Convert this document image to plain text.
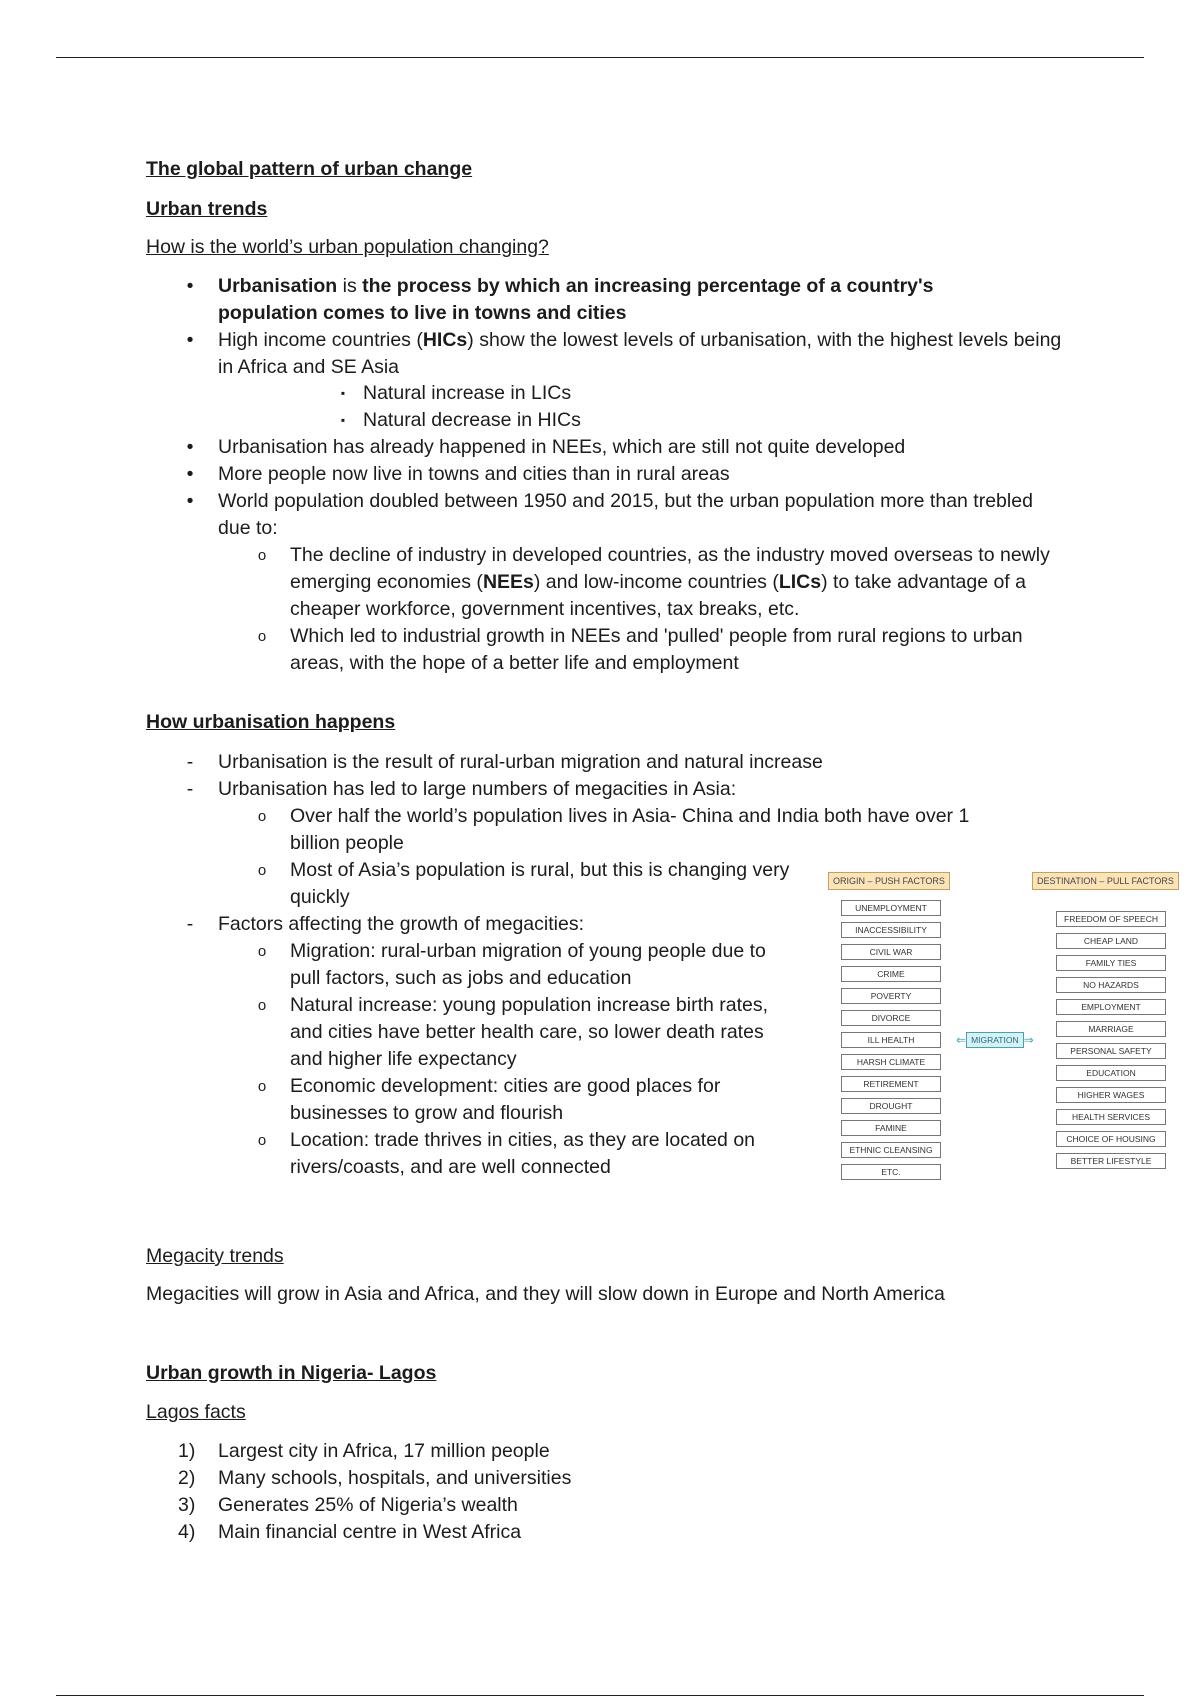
The global pattern of urban change
Urban trends
How is the world’s urban population changing?
•	Urbanisation is the process by which an increasing percentage of a country's population comes to live in towns and cities
•	High income countries (HICs) show the lowest levels of urbanisation, with the highest levels being in Africa and SE Asia
▪ Natural increase in LICs
▪ Natural decrease in HICs
•	Urbanisation has already happened in NEEs, which are still not quite developed
•	More people now live in towns and cities than in rural areas
•	World population doubled between 1950 and 2015, but the urban population more than trebled due to:
o	The decline of industry in developed countries, as the industry moved overseas to newly emerging economies (NEEs) and low-income countries (LICs) to take advantage of a cheaper workforce, government incentives, tax breaks, etc.
o	Which led to industrial growth in NEEs and 'pulled' people from rural regions to urban areas, with the hope of a better life and employment
How urbanisation happens
-	Urbanisation is the result of rural-urban migration and natural increase
-	Urbanisation has led to large numbers of megacities in Asia:
o	Over half the world’s population lives in Asia- China and India both have over 1 billion people
o	Most of Asia’s population is rural, but this is changing very quickly
-	Factors affecting the growth of megacities:
o	Migration: rural-urban migration of young people due to pull factors, such as jobs and education
o	Natural increase: young population increase birth rates, and cities have better health care, so lower death rates and higher life expectancy
o	Economic development: cities are good places for businesses to grow and flourish
o	Location: trade thrives in cities, as they are located on rivers/coasts, and are well connected
Megacity trends
Megacities will grow in Asia and Africa, and they will slow down in Europe and North America
Urban growth in Nigeria- Lagos
Lagos facts
1)	Largest city in Africa, 17 million people
2)	Many schools, hospitals, and universities
3)	Generates 25% of Nigeria’s wealth
4)	Main financial centre in West Africa
ORIGIN – PUSH FACTORS	DESTINATION – PULL FACTORS
UNEMPLOYMENT
INACCESSIBILITY
CIVIL WAR
CRIME
POVERTY
DIVORCE
ILL HEALTH
HARSH CLIMATE
RETIREMENT
DROUGHT
FAMINE
ETHNIC CLEANSING
ETC.
⇐ MIGRATION ⇒
FREEDOM OF SPEECH
CHEAP LAND
FAMILY TIES
NO HAZARDS
EMPLOYMENT
MARRIAGE
PERSONAL SAFETY
EDUCATION
HIGHER WAGES
HEALTH SERVICES
CHOICE OF HOUSING
BETTER LIFESTYLE
